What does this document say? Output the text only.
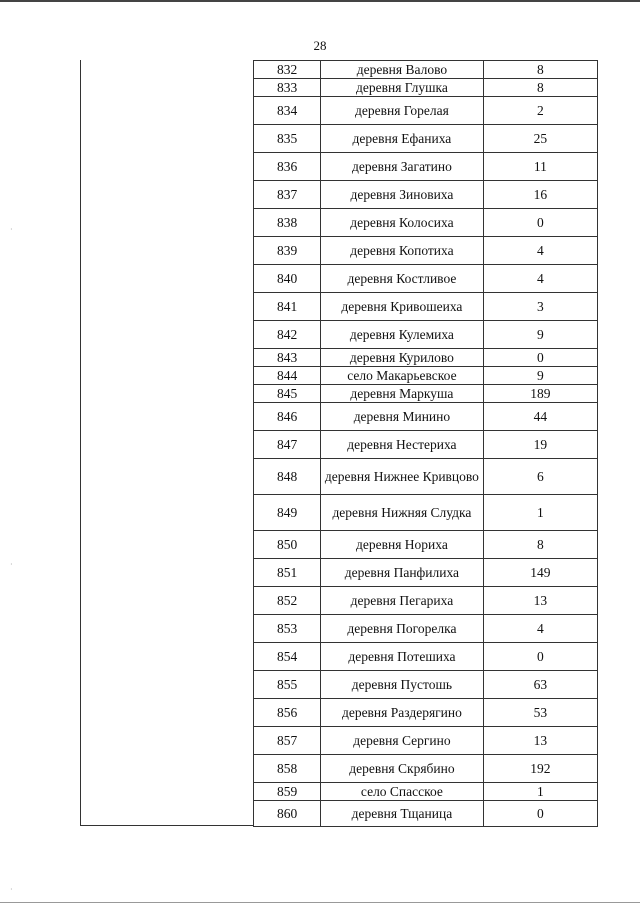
28
832	деревня Валово	8
833	деревня Глушка	8
834	деревня Горелая	2
835	деревня Ефаниха	25
836	деревня Загатино	11
837	деревня Зиновиха	16
838	деревня Колосиха	0
839	деревня Копотиха	4
840	деревня Костливое	4
841	деревня Кривошеиха	3
842	деревня Кулемиха	9
843	деревня Курилово	0
844	село Макарьевское	9
845	деревня Маркуша	189
846	деревня Минино	44
847	деревня Нестериха	19
848	деревня Нижнее Кривцово	6
849	деревня Нижняя Слудка	1
850	деревня Нориха	8
851	деревня Панфилиха	149
852	деревня Пегариха	13
853	деревня Погорелка	4
854	деревня Потешиха	0
855	деревня Пустошь	63
856	деревня Раздерягино	53
857	деревня Сергино	13
858	деревня Скрябино	192
859	село Спасское	1
860	деревня Тщаница	0
·
·
·
